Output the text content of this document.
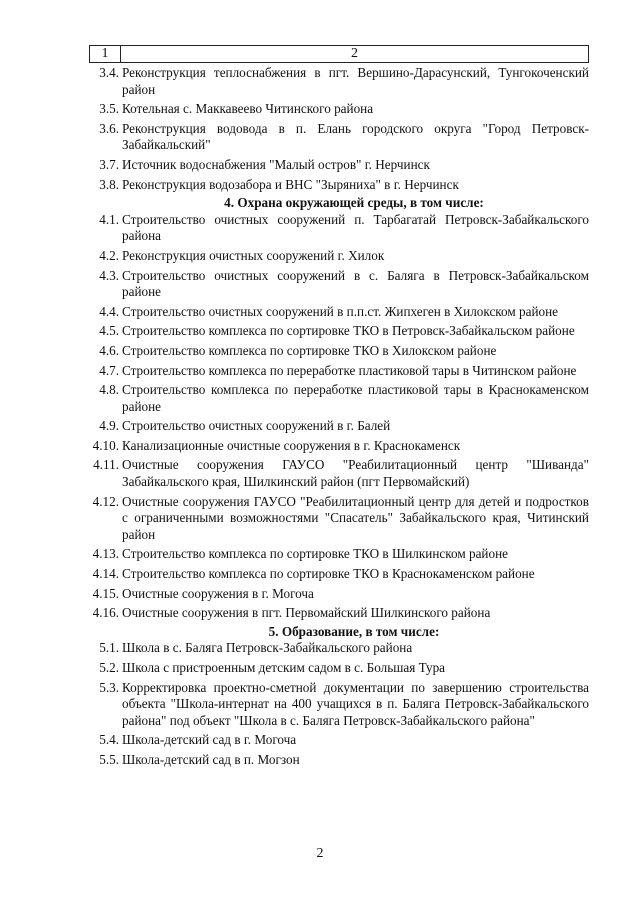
1	2
3.4. Реконструкция теплоснабжения в пгт. Вершино-Дарасунский, Тунгокоченский район
3.5. Котельная с. Маккавеево Читинского района
3.6. Реконструкция водовода в п. Елань городского округа "Город Петровск-Забайкальский"
3.7. Источник водоснабжения "Малый остров" г. Нерчинск
3.8. Реконструкция водозабора и ВНС "Зыряниха" в г. Нерчинск
4. Охрана окружающей среды, в том числе:
4.1. Строительство очистных сооружений п. Тарбагатай Петровск-Забайкальского района
4.2. Реконструкция очистных сооружений г. Хилок
4.3. Строительство очистных сооружений в с. Баляга в Петровск-Забайкальском районе
4.4. Строительство очистных сооружений в п.п.ст. Жипхеген в Хилокском районе
4.5. Строительство комплекса по сортировке ТКО в Петровск-Забайкальском районе
4.6. Строительство комплекса по сортировке ТКО в Хилокском районе
4.7. Строительство комплекса по переработке пластиковой тары в Читинском районе
4.8. Строительство комплекса по переработке пластиковой тары в Краснокаменском районе
4.9. Строительство очистных сооружений в г. Балей
4.10. Канализационные очистные сооружения в г. Краснокаменск
4.11. Очистные сооружения ГАУСО "Реабилитационный центр "Шиванда" Забайкальского края, Шилкинский район (пгт Первомайский)
4.12. Очистные сооружения ГАУСО "Реабилитационный центр для детей и подростков с ограниченными возможностями "Спасатель" Забайкальского края, Читинский район
4.13. Строительство комплекса по сортировке ТКО в Шилкинском районе
4.14. Строительство комплекса по сортировке ТКО в Краснокаменском районе
4.15. Очистные сооружения в г. Могоча
4.16. Очистные сооружения в пгт. Первомайский Шилкинского района
5. Образование, в том числе:
5.1. Школа в с. Баляга Петровск-Забайкальского района
5.2. Школа с пристроенным детским садом в с. Большая Тура
5.3. Корректировка проектно-сметной документации по завершению строительства объекта "Школа-интернат на 400 учащихся в п. Баляга Петровск-Забайкальского района" под объект "Школа в с. Баляга Петровск-Забайкальского района"
5.4. Школа-детский сад в г. Могоча
5.5. Школа-детский сад в п. Могзон
2
